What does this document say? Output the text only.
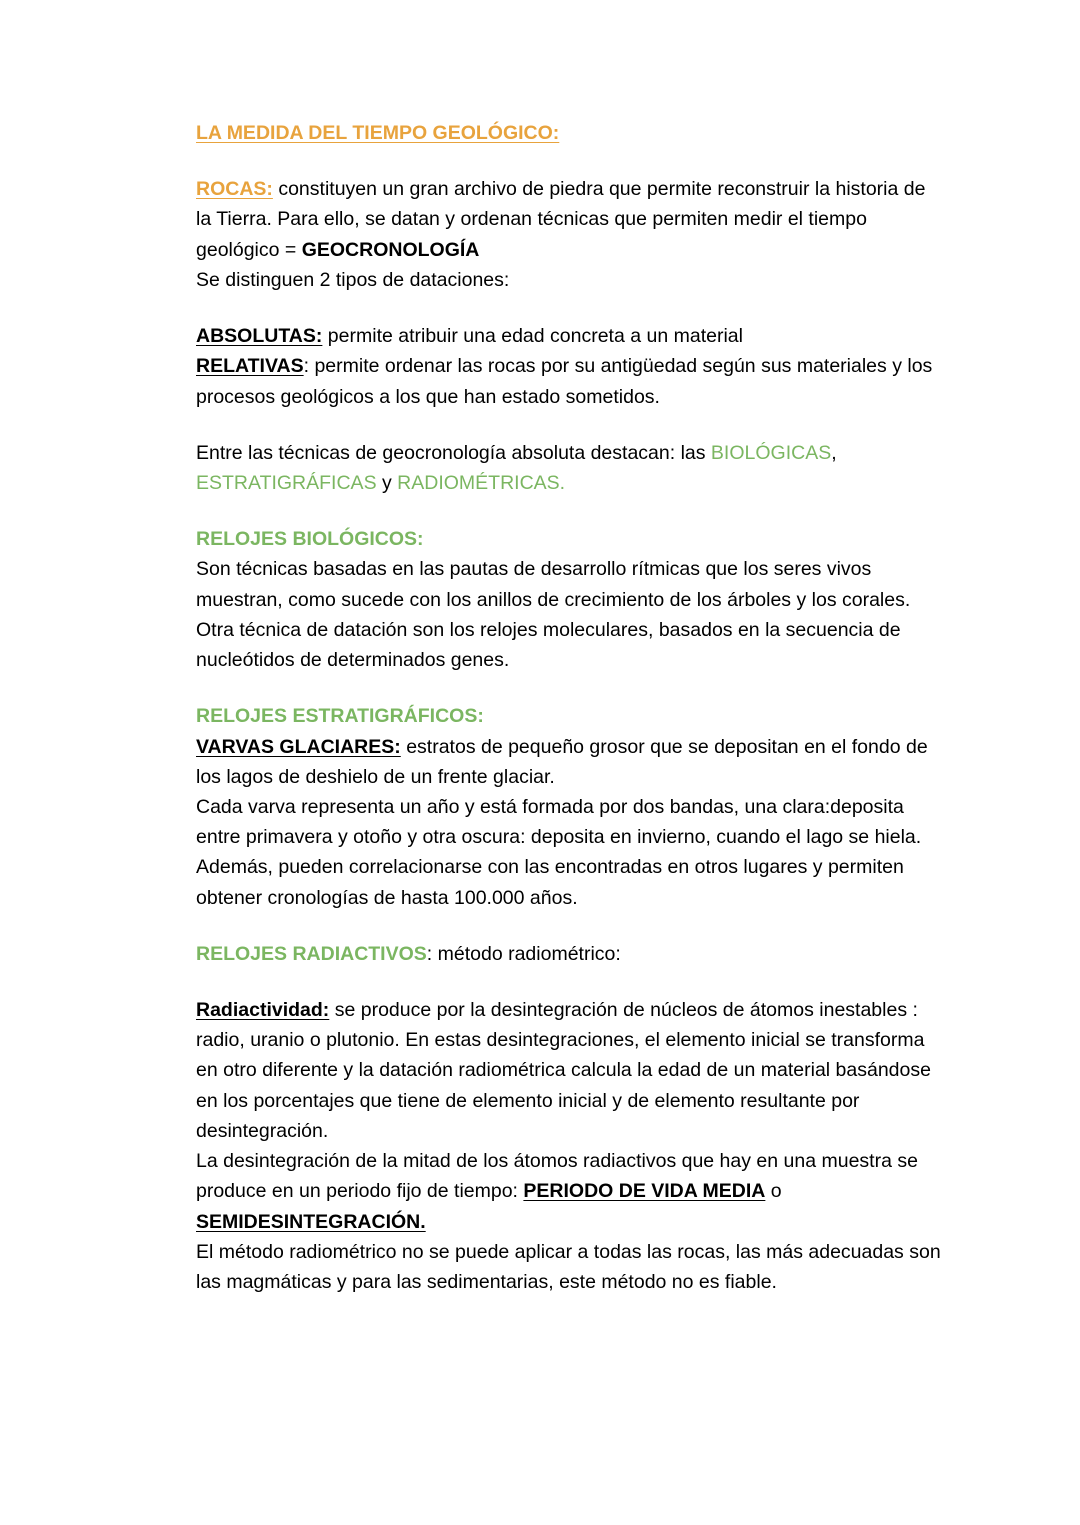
LA MEDIDA DEL TIEMPO GEOLÓGICO:
ROCAS: constituyen un gran archivo de piedra que permite reconstruir la historia de la Tierra. Para ello, se datan y ordenan técnicas que permiten medir el tiempo geológico = GEOCRONOLOGÍA
Se distinguen 2 tipos de dataciones:
ABSOLUTAS: permite atribuir una edad concreta a un material
RELATIVAS: permite ordenar las rocas por su antigüedad según sus materiales y los procesos geológicos a los que han estado sometidos.
Entre las técnicas de geocronología absoluta destacan: las BIOLÓGICAS, ESTRATIGRÁFICAS y RADIOMÉTRICAS.
RELOJES BIOLÓGICOS:
Son técnicas basadas en las pautas de desarrollo rítmicas que los seres vivos muestran, como sucede con los anillos de crecimiento de los árboles y los corales. Otra técnica de datación son los relojes moleculares, basados en la secuencia de nucleótidos de determinados genes.
RELOJES ESTRATIGRÁFICOS:
VARVAS GLACIARES: estratos de pequeño grosor que se depositan en el fondo de los lagos de deshielo de un frente glaciar.
Cada varva representa un año y está formada por dos bandas, una clara:deposita entre primavera y otoño y otra oscura: deposita en invierno, cuando el lago se hiela. Además, pueden correlacionarse con las encontradas en otros lugares y permiten obtener cronologías de hasta 100.000 años.
RELOJES RADIACTIVOS: método radiométrico:
Radiactividad: se produce por la desintegración de núcleos de átomos inestables : radio, uranio o plutonio. En estas desintegraciones, el elemento inicial se transforma en otro diferente y la datación radiométrica calcula la edad de un material basándose en los porcentajes que tiene de elemento inicial y de elemento resultante por desintegración.
La desintegración de la mitad de los átomos radiactivos que hay en una muestra se produce en un periodo fijo de tiempo: PERIODO DE VIDA MEDIA o SEMIDESINTEGRACIÓN.
El método radiométrico no se puede aplicar a todas las rocas, las más adecuadas son las magmáticas y para las sedimentarias, este método no es fiable.
